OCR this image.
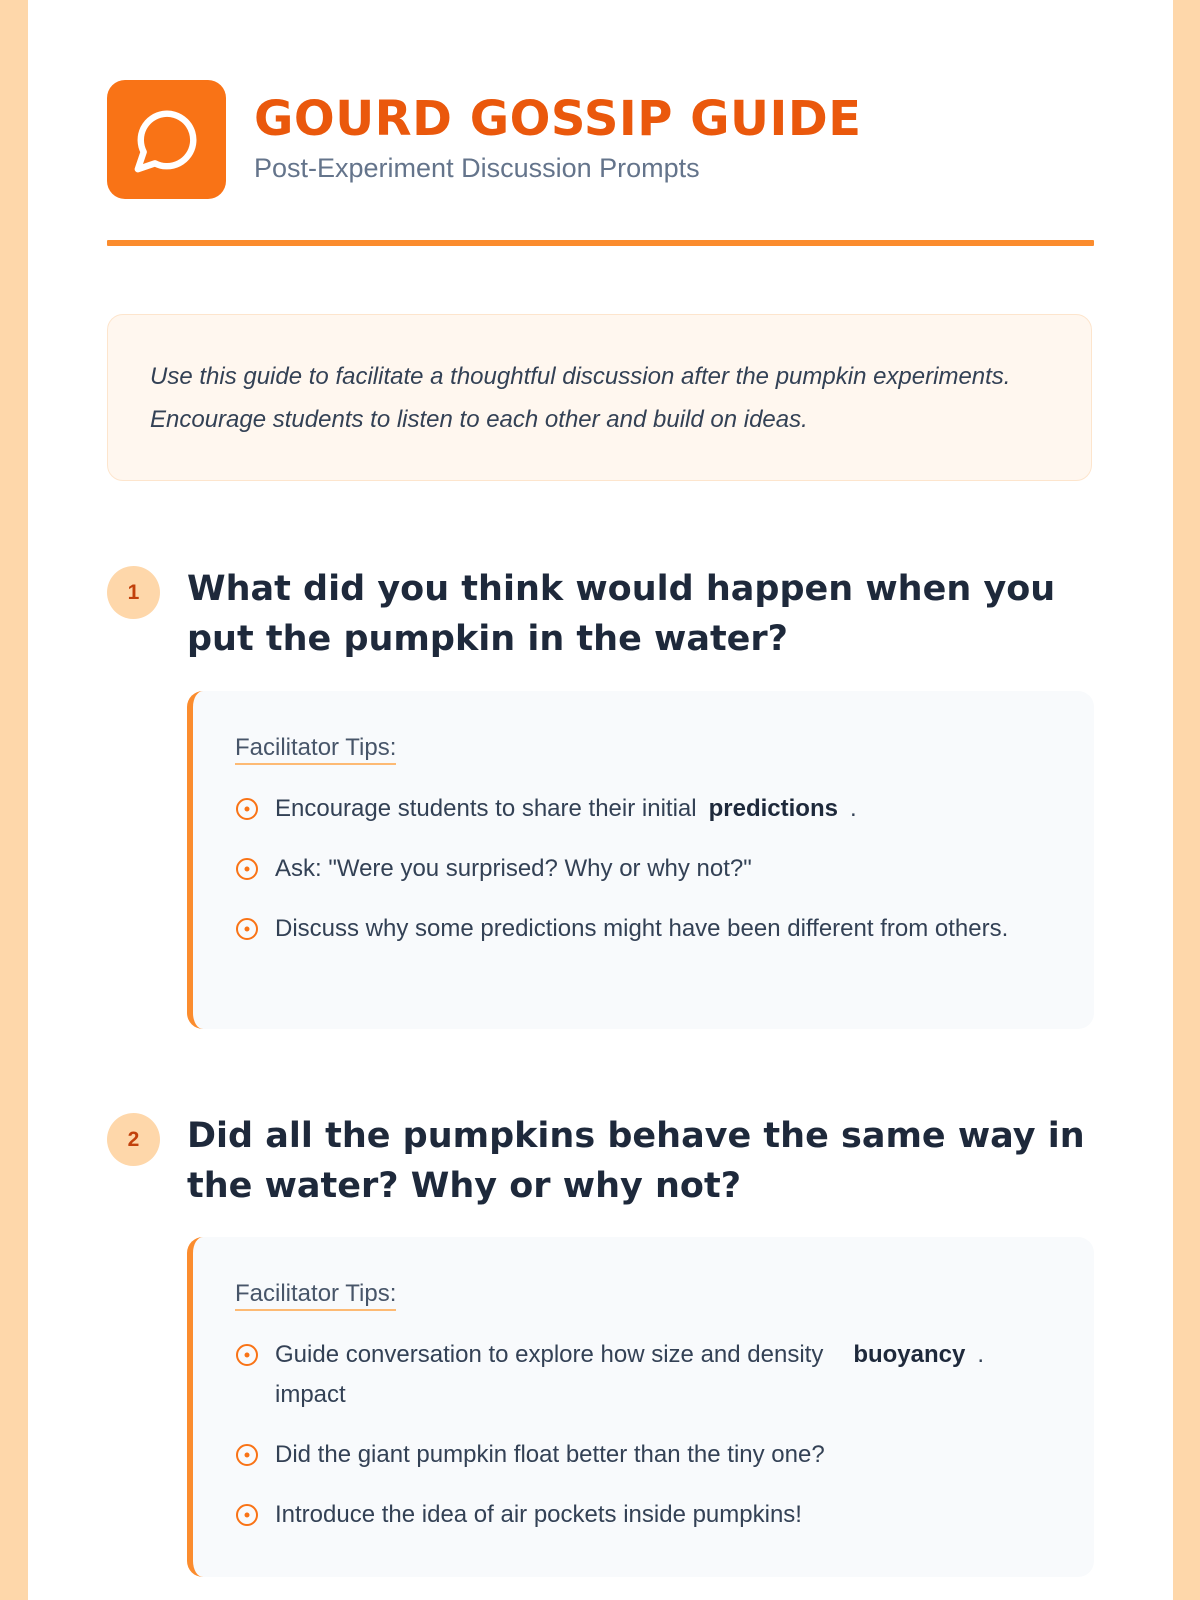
GOURD GOSSIP GUIDE
Post-Experiment Discussion Prompts
Use this guide to facilitate a thoughtful discussion after the pumpkin experiments. Encourage students to listen to each other and build on ideas.
1	What did you think would happen when you put the pumpkin in the water?
Facilitator Tips:
Encourage students to share their initial predictions .
Ask: "Were you surprised? Why or why not?"
Discuss why some predictions might have been different from others.
2	Did all the pumpkins behave the same way in the water? Why or why not?
Facilitator Tips:
Guide conversation to explore how size and density buoyancy .
impact
Did the giant pumpkin float better than the tiny one?
Introduce the idea of air pockets inside pumpkins!
